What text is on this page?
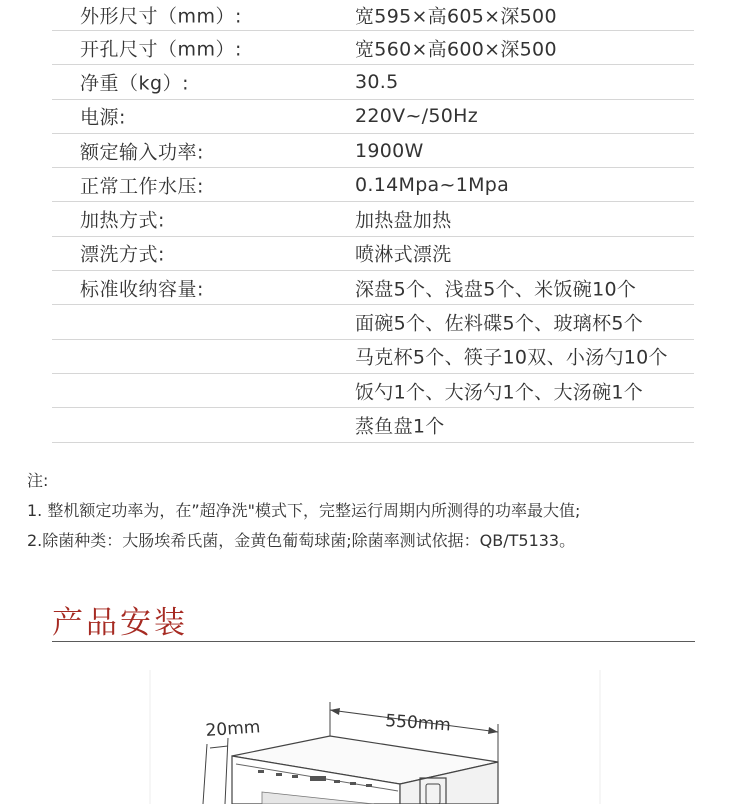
外形尺寸（mm）:	宽595×高605×深500
开孔尺寸（mm）:	宽560×高600×深500
净重（kg）:	30.5
电源:	220V~/50Hz
额定输入功率:	1900W
正常工作水压:	0.14Mpa~1Mpa
加热方式:	加热盘加热
漂洗方式:	喷淋式漂洗
标准收纳容量:	深盘5个、浅盘5个、米饭碗10个
面碗5个、佐料碟5个、玻璃杯5个
马克杯5个、筷子10双、小汤勺10个
饭勺1个、大汤勺1个、大汤碗1个
蒸鱼盘1个
注:
1. 整机额定功率为，在”超净洗"模式下，完整运行周期内所测得的功率最大值;
2.除菌种类：大肠埃希氏菌，金黄色葡萄球菌;除菌率测试依据：QB/T5133。
产品安装
20mm	550mm
